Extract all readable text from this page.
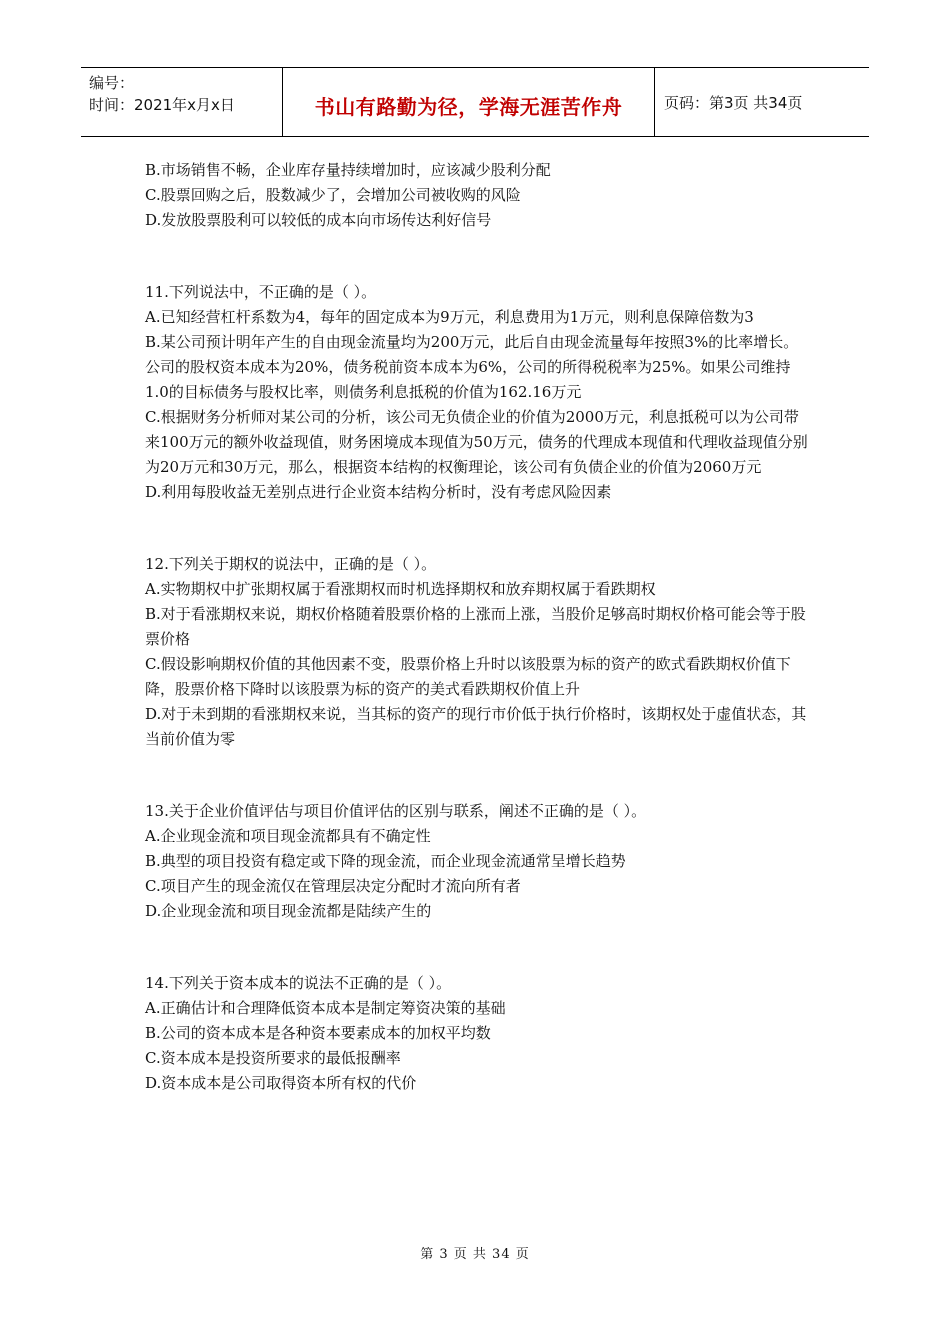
编号：
时间：2021年x月x日	书山有路勤为径，学海无涯苦作舟	页码：第3页 共34页

B.市场销售不畅，企业库存量持续增加时，应该减少股利分配

C.股票回购之后，股数减少了，会增加公司被收购的风险

D.发放股票股利可以较低的成本向市场传达利好信号

11.下列说法中，不正确的是（ ）。

A.已知经营杠杆系数为4，每年的固定成本为9万元，利息费用为1万元，则利息保障倍数为3

B.某公司预计明年产生的自由现金流量均为200万元，此后自由现金流量每年按照3%的比率增长。公司的股权资本成本为20%，债务税前资本成本为6%，公司的所得税税率为25%。如果公司维持1.0的目标债务与股权比率，则债务利息抵税的价值为162.16万元

C.根据财务分析师对某公司的分析，该公司无负债企业的价值为2000万元，利息抵税可以为公司带来100万元的额外收益现值，财务困境成本现值为50万元，债务的代理成本现值和代理收益现值分别为20万元和30万元，那么，根据资本结构的权衡理论，该公司有负债企业的价值为2060万元

D.利用每股收益无差别点进行企业资本结构分析时，没有考虑风险因素

12.下列关于期权的说法中，正确的是（ ）。

A.实物期权中扩张期权属于看涨期权而时机选择期权和放弃期权属于看跌期权

B.对于看涨期权来说，期权价格随着股票价格的上涨而上涨，当股价足够高时期权价格可能会等于股票价格

C.假设影响期权价值的其他因素不变，股票价格上升时以该股票为标的资产的欧式看跌期权价值下降，股票价格下降时以该股票为标的资产的美式看跌期权价值上升

D.对于未到期的看涨期权来说，当其标的资产的现行市价低于执行价格时，该期权处于虚值状态，其当前价值为零

13.关于企业价值评估与项目价值评估的区别与联系，阐述不正确的是（ ）。

A.企业现金流和项目现金流都具有不确定性

B.典型的项目投资有稳定或下降的现金流，而企业现金流通常呈增长趋势

C.项目产生的现金流仅在管理层决定分配时才流向所有者

D.企业现金流和项目现金流都是陆续产生的

14.下列关于资本成本的说法不正确的是（ ）。

A.正确估计和合理降低资本成本是制定筹资决策的基础

B.公司的资本成本是各种资本要素成本的加权平均数

C.资本成本是投资所要求的最低报酬率

D.资本成本是公司取得资本所有权的代价

第 3 页 共 34 页
